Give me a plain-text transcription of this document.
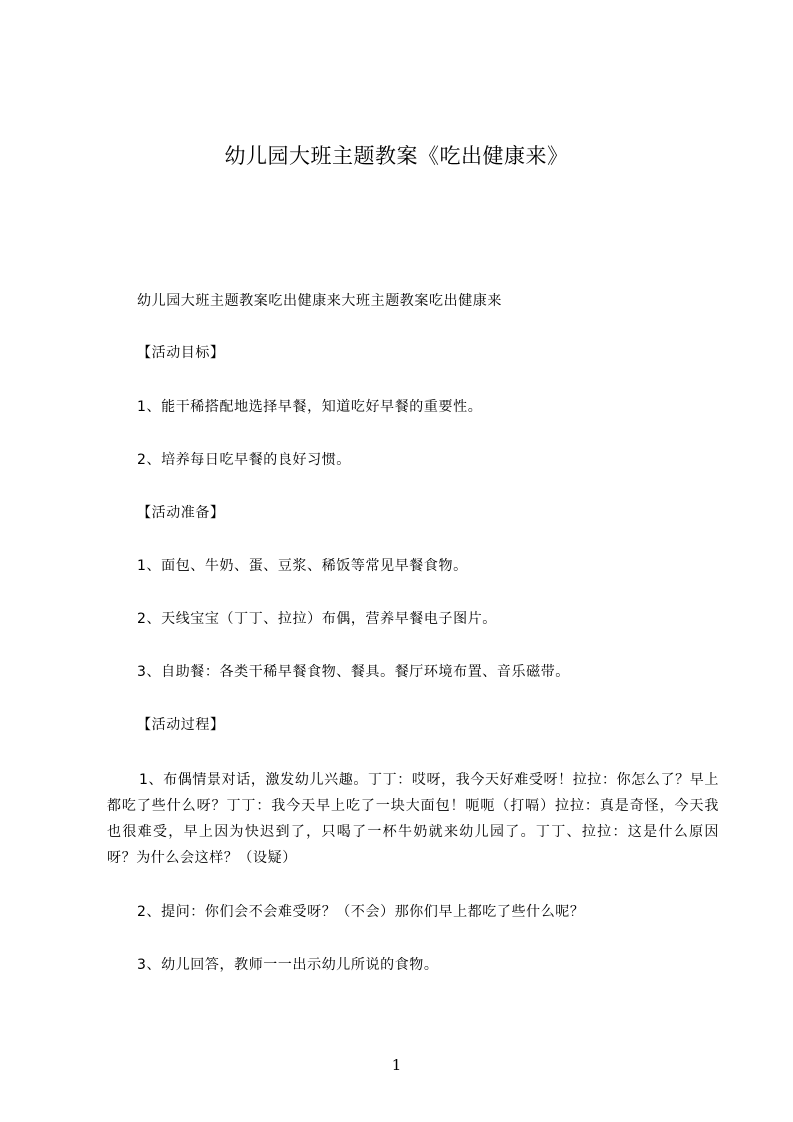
幼儿园大班主题教案《吃出健康来》

幼儿园大班主题教案吃出健康来大班主题教案吃出健康来

【活动目标】

1、能干稀搭配地选择早餐，知道吃好早餐的重要性。

2、培养每日吃早餐的良好习惯。

【活动准备】

1、面包、牛奶、蛋、豆浆、稀饭等常见早餐食物。

2、天线宝宝（丁丁、拉拉）布偶，营养早餐电子图片。

3、自助餐：各类干稀早餐食物、餐具。餐厅环境布置、音乐磁带。

【活动过程】

1、布偶情景对话，激发幼儿兴趣。丁丁：哎呀，我今天好难受呀！拉拉：你怎么了？早上都吃了些什么呀？丁丁：我今天早上吃了一块大面包！呃呃（打嗝）拉拉：真是奇怪，今天我也很难受，早上因为快迟到了，只喝了一杯牛奶就来幼儿园了。丁丁、拉拉：这是什么原因呀？为什么会这样？（设疑）

2、提问：你们会不会难受呀？（不会）那你们早上都吃了些什么呢？

3、幼儿回答，教师一一出示幼儿所说的食物。

1
